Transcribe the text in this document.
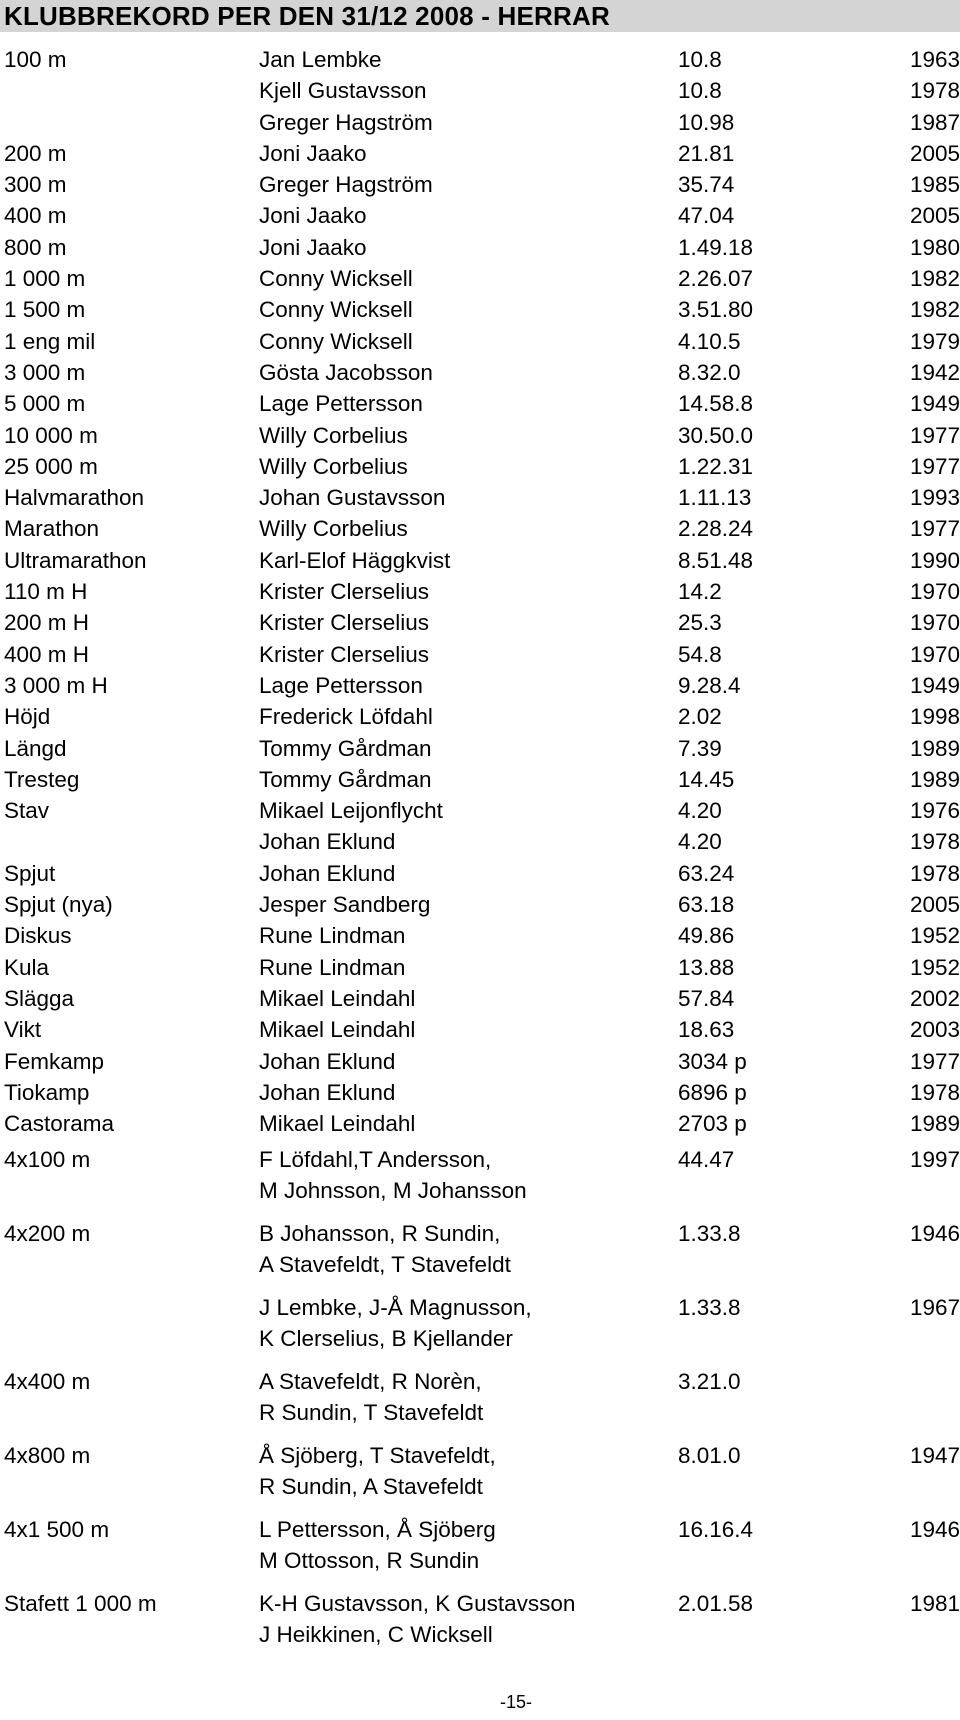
KLUBBREKORD PER DEN 31/12 2008 - HERRAR
100 m	Jan Lembke	10.8	1963
Kjell Gustavsson	10.8	1978
Greger Hagström	10.98	1987
200 m	Joni Jaako	21.81	2005
300 m	Greger Hagström	35.74	1985
400 m	Joni Jaako	47.04	2005
800 m	Joni Jaako	1.49.18	1980
1 000 m	Conny Wicksell	2.26.07	1982
1 500 m	Conny Wicksell	3.51.80	1982
1 eng mil	Conny Wicksell	4.10.5	1979
3 000 m	Gösta Jacobsson	8.32.0	1942
5 000 m	Lage Pettersson	14.58.8	1949
10 000 m	Willy Corbelius	30.50.0	1977
25 000 m	Willy Corbelius	1.22.31	1977
Halvmarathon	Johan Gustavsson	1.11.13	1993
Marathon	Willy Corbelius	2.28.24	1977
Ultramarathon	Karl-Elof Häggkvist	8.51.48	1990
110 m H	Krister Clerselius	14.2	1970
200 m H	Krister Clerselius	25.3	1970
400 m H	Krister Clerselius	54.8	1970
3 000 m H	Lage Pettersson	9.28.4	1949
Höjd	Frederick Löfdahl	2.02	1998
Längd	Tommy Gårdman	7.39	1989
Tresteg	Tommy Gårdman	14.45	1989
Stav	Mikael Leijonflycht	4.20	1976
Johan Eklund	4.20	1978
Spjut	Johan Eklund	63.24	1978
Spjut (nya)	Jesper Sandberg	63.18	2005
Diskus	Rune Lindman	49.86	1952
Kula	Rune Lindman	13.88	1952
Slägga	Mikael Leindahl	57.84	2002
Vikt	Mikael Leindahl	18.63	2003
Femkamp	Johan Eklund	3034 p	1977
Tiokamp	Johan Eklund	6896 p	1978
Castorama	Mikael Leindahl	2703 p	1989
4x100 m	F Löfdahl,T Andersson,
M Johnsson, M Johansson
44.47	1997
4x200 m	B Johansson, R Sundin,
A Stavefeldt, T Stavefeldt
1.33.8	1946
J Lembke, J-Å Magnusson,
K Clerselius, B Kjellander
1.33.8	1967
4x400 m	A Stavefeldt, R Norèn,
R Sundin, T Stavefeldt
3.21.0
4x800 m	Å Sjöberg, T Stavefeldt,
R Sundin, A Stavefeldt
8.01.0	1947
4x1 500 m	L Pettersson, Å Sjöberg
M Ottosson, R Sundin
16.16.4	1946
Stafett 1 000 m	K-H Gustavsson, K Gustavsson
J Heikkinen, C Wicksell
2.01.58	1981
-15-
